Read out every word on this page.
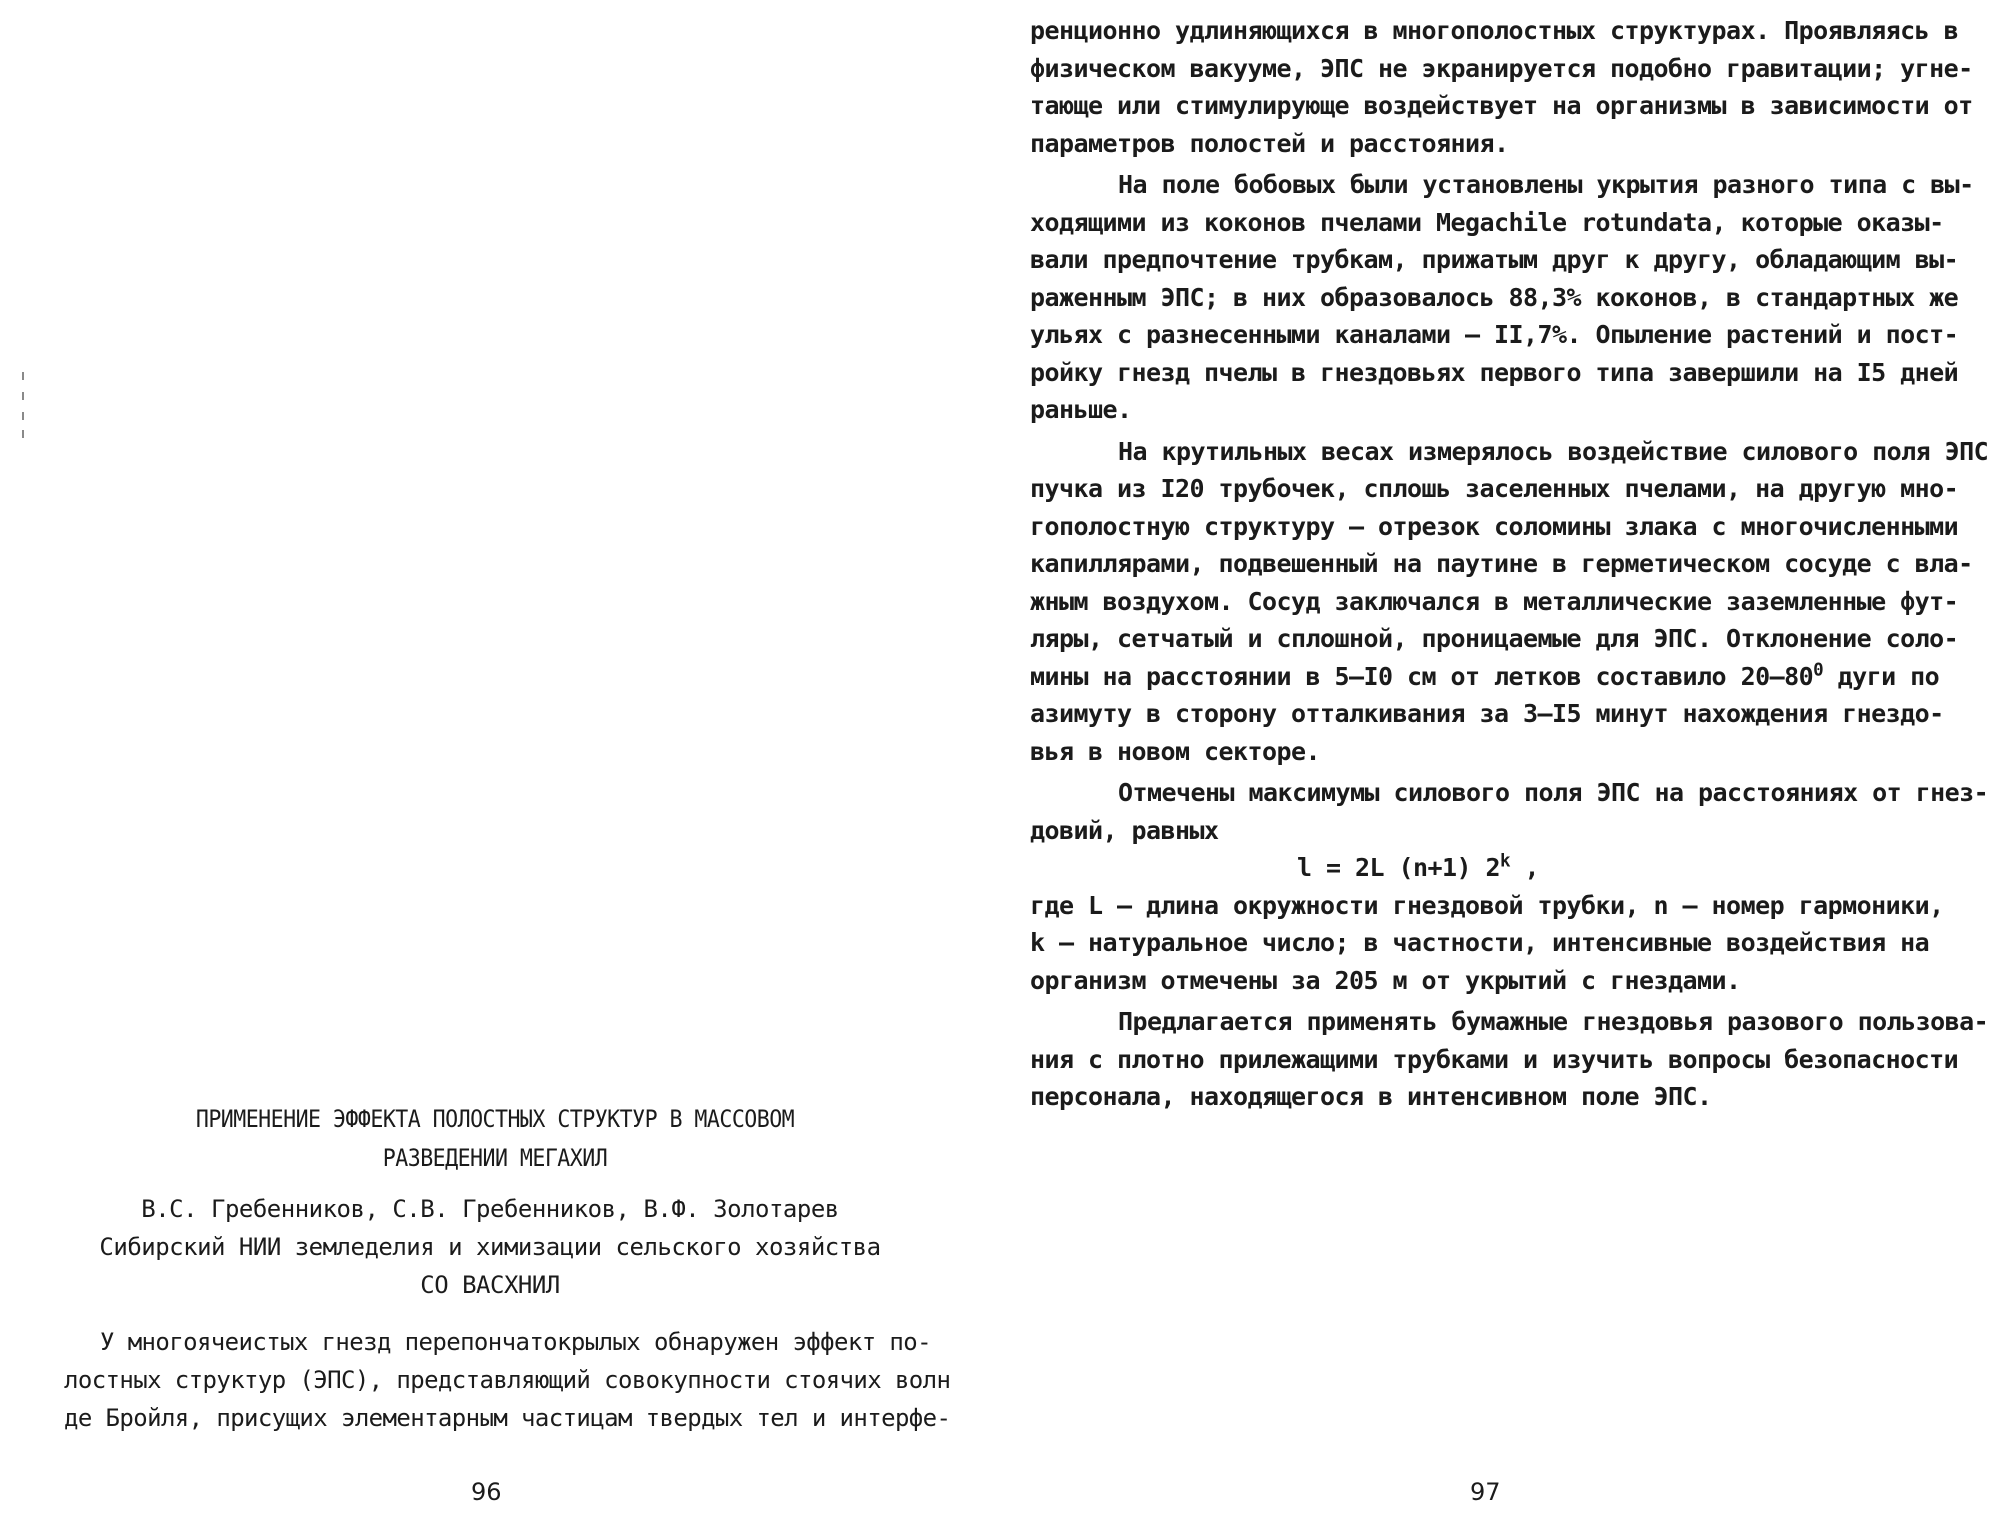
ПРИМЕНЕНИЕ ЭФФЕКТА ПОЛОСТНЫХ СТРУКТУР В МАССОВОМ
РАЗВЕДЕНИИ МЕГАХИЛ
В.С. Гребенников, С.В. Гребенников, В.Ф. Золотарев
Сибирский НИИ земледелия и химизации сельского хозяйства
СО ВАСХНИЛ
У многоячеистых гнезд перепончатокрылых обнаружен эффект по-
лостных структур (ЭПС), представляющий совокупности стоячих волн
де Бройля, присущих элементарным частицам твердых тел и интерфе-
96
ренционно удлиняющихся в многополостных структурах. Проявляясь в
физическом вакууме, ЭПС не экранируется подобно гравитации; угне-
тающе или стимулирующе воздействует на организмы в зависимости от
параметров полостей и расстояния.
На поле бобовых были установлены укрытия разного типа с вы-
ходящими из коконов пчелами Megachile rotundata, которые оказы-
вали предпочтение трубкам, прижатым друг к другу, обладающим вы-
раженным ЭПС; в них образовалось 88,3% коконов, в стандартных же
ульях с разнесенными каналами – II,7%. Опыление растений и пост-
ройку гнезд пчелы в гнездовьях первого типа завершили на I5 дней
раньше.
На крутильных весах измерялось воздействие силового поля ЭПС
пучка из I20 трубочек, сплошь заселенных пчелами, на другую мно-
гополостную структуру – отрезок соломины злака с многочисленными
капиллярами, подвешенный на паутине в герметическом сосуде с вла-
жным воздухом. Сосуд заключался в металлические заземленные фут-
ляры, сетчатый и сплошной, проницаемые для ЭПС. Отклонение соло-
мины на расстоянии в 5–I0 см от летков составило $20-80^0$ дуги по
азимуту в сторону отталкивания за 3–I5 минут нахождения гнездо-
вья в новом секторе.
Отмечены максимумы силового поля ЭПС на расстояниях от гнез-
довий, равных
l = 2L (n+1) 2$^k$ ,
где L – длина окружности гнездовой трубки, n – номер гармоники,
k – натуральное число; в частности, интенсивные воздействия на
организм отмечены за 205 м от укрытий с гнездами.
Предлагается применять бумажные гнездовья разового пользова-
ния с плотно прилежащими трубками и изучить вопросы безопасности
персонала, находящегося в интенсивном поле ЭПС.
97
